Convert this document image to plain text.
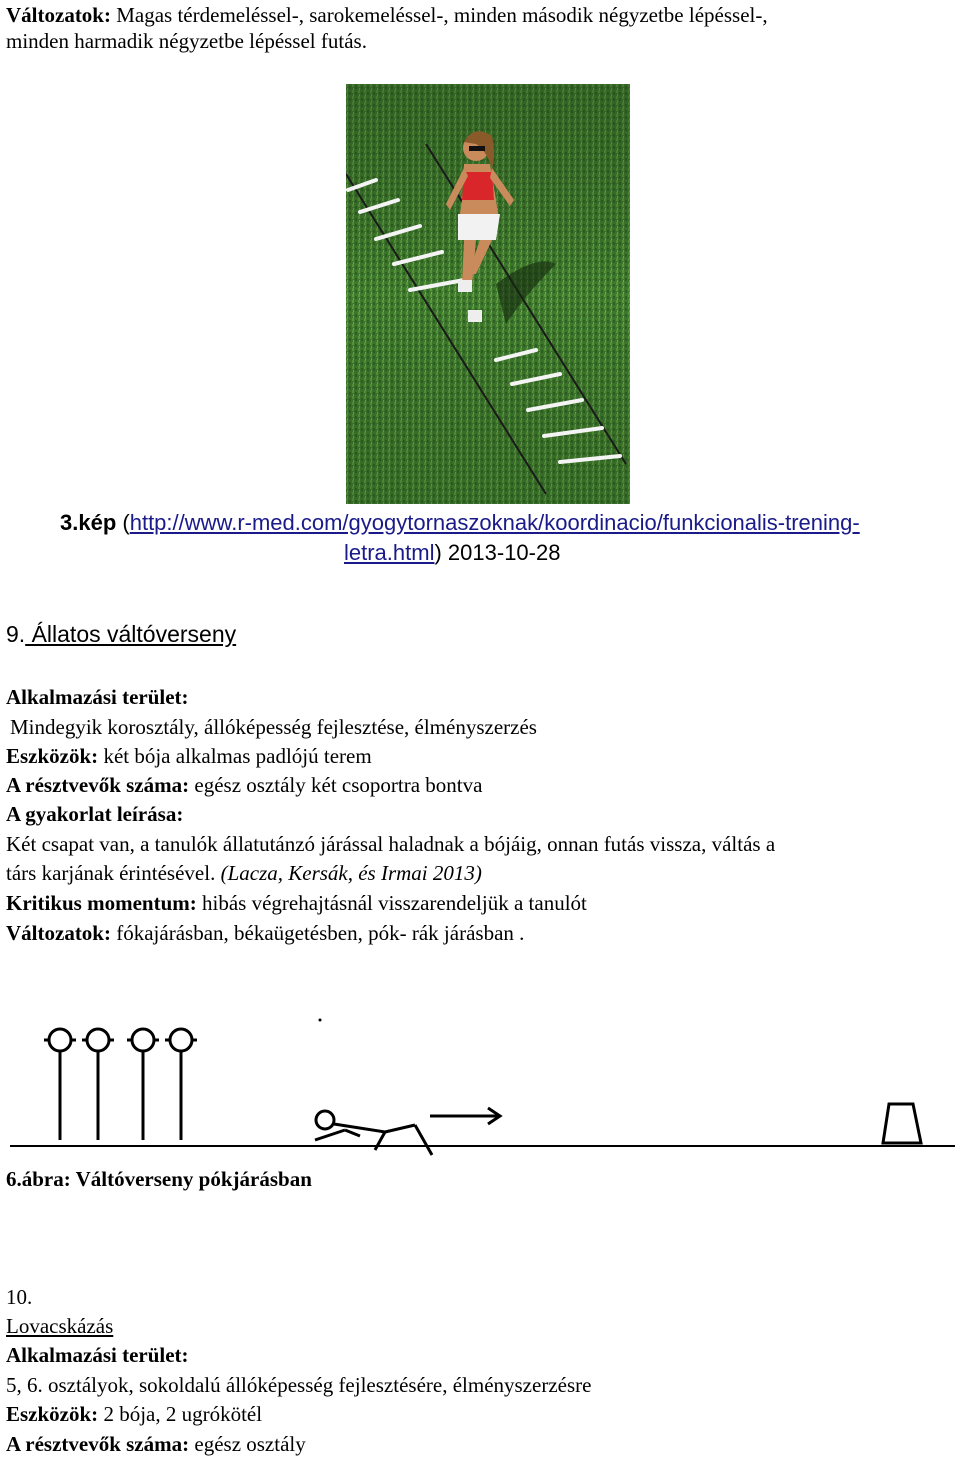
Változatok: Magas térdemeléssel-, sarokemeléssel-, minden második négyzetbe lépéssel-,
minden harmadik négyzetbe lépéssel futás.
3.kép (http://www.r-med.com/gyogytornaszoknak/koordinacio/funkcionalis-trening-
letra.html) 2013-10-28
9. Állatos váltóverseny
Alkalmazási terület:
Mindegyik korosztály, állóképesség fejlesztése, élményszerzés
Eszközök: két bója alkalmas padlójú terem
A résztvevők száma: egész osztály két csoportra bontva
A gyakorlat leírása:
Két csapat van, a tanulók állatutánzó járással haladnak a bójáig, onnan futás vissza, váltás a
társ karjának érintésével. (Lacza, Kersák, és Irmai 2013)
Kritikus momentum: hibás végrehajtásnál visszarendeljük a tanulót
Változatok: fókajárásban, békaügetésben, pók- rák járásban .
6.ábra: Váltóverseny pókjárásban
10.
Lovacskázás
Alkalmazási terület:
5, 6. osztályok, sokoldalú állóképesség fejlesztésére, élményszerzésre
Eszközök: 2 bója, 2 ugrókötél
A résztvevők száma: egész osztály
